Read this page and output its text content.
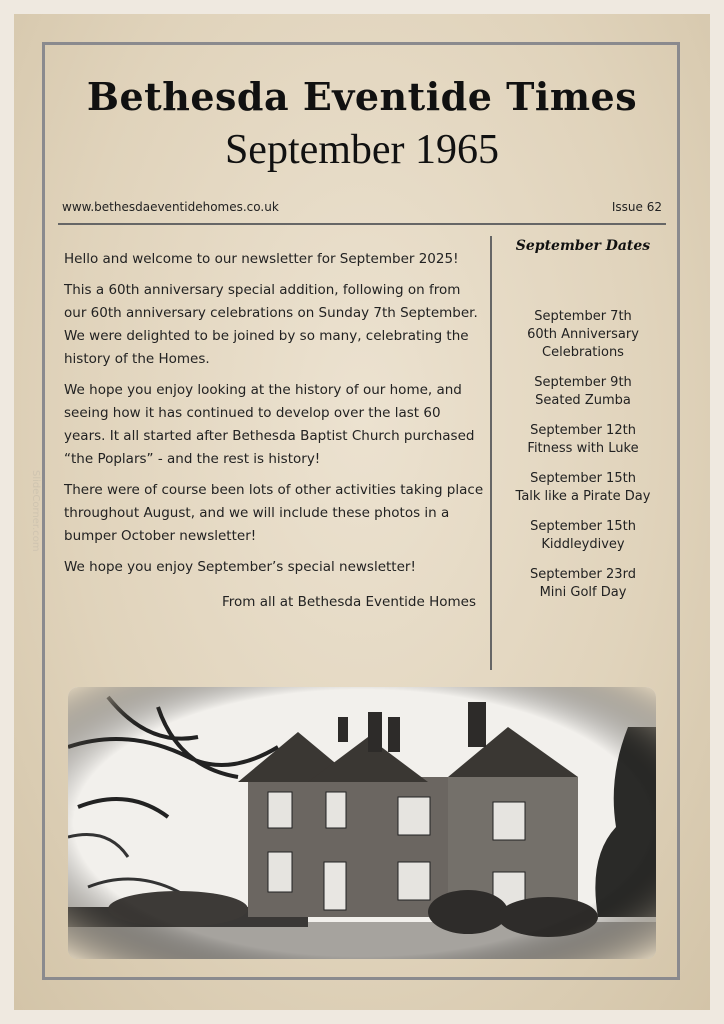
SlideCorner.com
Bethesda Eventide Times
September 1965
www.bethesdaeventidehomes.co.uk	Issue 62

Hello and welcome to our newsletter for September 2025!

This a 60th anniversary special addition, following on from our 60th anniversary celebrations on Sunday 7th September. We were delighted to be joined by so many, celebrating the history of the Homes.

We hope you enjoy looking at the history of our home, and seeing how it has continued to develop over the last 60 years. It all started after Bethesda Baptist Church purchased “the Poplars” - and the rest is history!

There were of course been lots of other activities taking place throughout August, and we will include these photos in a bumper October newsletter!

We hope you enjoy September’s special newsletter!

From all at Bethesda Eventide Homes
September Dates
September 7th
60th Anniversary Celebrations
September 9th
Seated Zumba
September 12th
Fitness with Luke
September 15th
Talk like a Pirate Day
September 15th
Kiddleydivey
September 23rd
Mini Golf Day
